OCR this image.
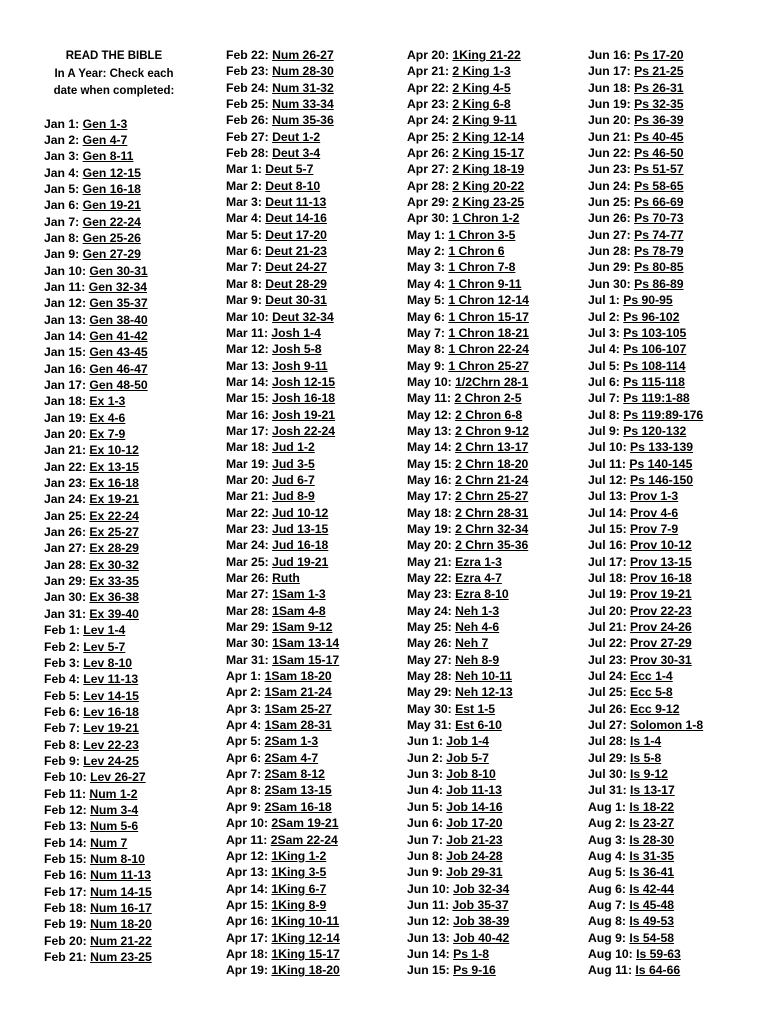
READ THE BIBLE
In A Year: Check each
date when completed:
Jan 1: Gen 1-3
Jan 2: Gen 4-7
Jan 3: Gen 8-11
Jan 4: Gen 12-15
Jan 5: Gen 16-18
Jan 6: Gen 19-21
Jan 7: Gen 22-24
Jan 8: Gen 25-26
Jan 9: Gen 27-29
Jan 10: Gen 30-31
Jan 11: Gen 32-34
Jan 12: Gen 35-37
Jan 13: Gen 38-40
Jan 14: Gen 41-42
Jan 15: Gen 43-45
Jan 16: Gen 46-47
Jan 17: Gen 48-50
Jan 18: Ex 1-3
Jan 19: Ex 4-6
Jan 20: Ex 7-9
Jan 21: Ex 10-12
Jan 22: Ex 13-15
Jan 23: Ex 16-18
Jan 24: Ex 19-21
Jan 25: Ex 22-24
Jan 26: Ex 25-27
Jan 27: Ex 28-29
Jan 28: Ex 30-32
Jan 29: Ex 33-35
Jan 30: Ex 36-38
Jan 31: Ex 39-40
Feb 1: Lev 1-4
Feb 2: Lev 5-7
Feb 3: Lev 8-10
Feb 4: Lev 11-13
Feb 5: Lev 14-15
Feb 6: Lev 16-18
Feb 7: Lev 19-21
Feb 8: Lev 22-23
Feb 9: Lev 24-25
Feb 10: Lev 26-27
Feb 11: Num 1-2
Feb 12: Num 3-4
Feb 13: Num 5-6
Feb 14: Num 7
Feb 15: Num 8-10
Feb 16: Num 11-13
Feb 17: Num 14-15
Feb 18: Num 16-17
Feb 19: Num 18-20
Feb 20: Num 21-22
Feb 21: Num 23-25
Feb 22: Num 26-27
Feb 23: Num 28-30
Feb 24: Num 31-32
Feb 25: Num 33-34
Feb 26: Num 35-36
Feb 27: Deut 1-2
Feb 28: Deut 3-4
Mar 1: Deut 5-7
Mar 2: Deut 8-10
Mar 3: Deut 11-13
Mar 4: Deut 14-16
Mar 5: Deut 17-20
Mar 6: Deut 21-23
Mar 7: Deut 24-27
Mar 8: Deut 28-29
Mar 9: Deut 30-31
Mar 10: Deut 32-34
Mar 11: Josh 1-4
Mar 12: Josh 5-8
Mar 13: Josh 9-11
Mar 14: Josh 12-15
Mar 15: Josh 16-18
Mar 16: Josh 19-21
Mar 17: Josh 22-24
Mar 18: Jud 1-2
Mar 19: Jud 3-5
Mar 20: Jud 6-7
Mar 21: Jud 8-9
Mar 22: Jud 10-12
Mar 23: Jud 13-15
Mar 24: Jud 16-18
Mar 25: Jud 19-21
Mar 26: Ruth
Mar 27: 1Sam 1-3
Mar 28: 1Sam 4-8
Mar 29: 1Sam 9-12
Mar 30: 1Sam 13-14
Mar 31: 1Sam 15-17
Apr 1: 1Sam 18-20
Apr 2: 1Sam 21-24
Apr 3: 1Sam 25-27
Apr 4: 1Sam 28-31
Apr 5: 2Sam 1-3
Apr 6: 2Sam 4-7
Apr 7: 2Sam 8-12
Apr 8: 2Sam 13-15
Apr 9: 2Sam 16-18
Apr 10: 2Sam 19-21
Apr 11: 2Sam 22-24
Apr 12: 1King 1-2
Apr 13: 1King 3-5
Apr 14: 1King 6-7
Apr 15: 1King 8-9
Apr 16: 1King 10-11
Apr 17: 1King 12-14
Apr 18: 1King 15-17
Apr 19: 1King 18-20
Apr 20: 1King 21-22
Apr 21: 2 King 1-3
Apr 22: 2 King 4-5
Apr 23: 2 King 6-8
Apr 24: 2 King 9-11
Apr 25: 2 King 12-14
Apr 26: 2 King 15-17
Apr 27: 2 King 18-19
Apr 28: 2 King 20-22
Apr 29: 2 King 23-25
Apr 30: 1 Chron 1-2
May 1: 1 Chron 3-5
May 2: 1 Chron 6
May 3: 1 Chron 7-8
May 4: 1 Chron 9-11
May 5: 1 Chron 12-14
May 6: 1 Chron 15-17
May 7: 1 Chron 18-21
May 8: 1 Chron 22-24
May 9: 1 Chron 25-27
May 10: 1/2Chrn 28-1
May 11: 2 Chron 2-5
May 12: 2 Chron 6-8
May 13: 2 Chron 9-12
May 14: 2 Chrn 13-17
May 15: 2 Chrn 18-20
May 16: 2 Chrn 21-24
May 17: 2 Chrn 25-27
May 18: 2 Chrn 28-31
May 19: 2 Chrn 32-34
May 20: 2 Chrn 35-36
May 21: Ezra 1-3
May 22: Ezra 4-7
May 23: Ezra 8-10
May 24: Neh 1-3
May 25: Neh 4-6
May 26: Neh 7
May 27: Neh 8-9
May 28: Neh 10-11
May 29: Neh 12-13
May 30: Est 1-5
May 31: Est 6-10
Jun 1: Job 1-4
Jun 2: Job 5-7
Jun 3: Job 8-10
Jun 4: Job 11-13
Jun 5: Job 14-16
Jun 6: Job 17-20
Jun 7: Job 21-23
Jun 8: Job 24-28
Jun 9: Job 29-31
Jun 10: Job 32-34
Jun 11: Job 35-37
Jun 12: Job 38-39
Jun 13: Job 40-42
Jun 14: Ps 1-8
Jun 15: Ps 9-16
Jun 16: Ps 17-20
Jun 17: Ps 21-25
Jun 18: Ps 26-31
Jun 19: Ps 32-35
Jun 20: Ps 36-39
Jun 21: Ps 40-45
Jun 22: Ps 46-50
Jun 23: Ps 51-57
Jun 24: Ps 58-65
Jun 25: Ps 66-69
Jun 26: Ps 70-73
Jun 27: Ps 74-77
Jun 28: Ps 78-79
Jun 29: Ps 80-85
Jun 30: Ps 86-89
Jul 1: Ps 90-95
Jul 2: Ps 96-102
Jul 3: Ps 103-105
Jul 4: Ps 106-107
Jul 5: Ps 108-114
Jul 6: Ps 115-118
Jul 7: Ps 119:1-88
Jul 8: Ps 119:89-176
Jul 9: Ps 120-132
Jul 10: Ps 133-139
Jul 11: Ps 140-145
Jul 12: Ps 146-150
Jul 13: Prov 1-3
Jul 14: Prov 4-6
Jul 15: Prov 7-9
Jul 16: Prov 10-12
Jul 17: Prov 13-15
Jul 18: Prov 16-18
Jul 19: Prov 19-21
Jul 20: Prov 22-23
Jul 21: Prov 24-26
Jul 22: Prov 27-29
Jul 23: Prov 30-31
Jul 24: Ecc 1-4
Jul 25: Ecc 5-8
Jul 26: Ecc 9-12
Jul 27: Solomon 1-8
Jul 28: Is 1-4
Jul 29: Is 5-8
Jul 30: Is 9-12
Jul 31: Is 13-17
Aug 1: Is 18-22
Aug 2: Is 23-27
Aug 3: Is 28-30
Aug 4: Is 31-35
Aug 5: Is 36-41
Aug 6: Is 42-44
Aug 7: Is 45-48
Aug 8: Is 49-53
Aug 9: Is 54-58
Aug 10: Is 59-63
Aug 11: Is 64-66
